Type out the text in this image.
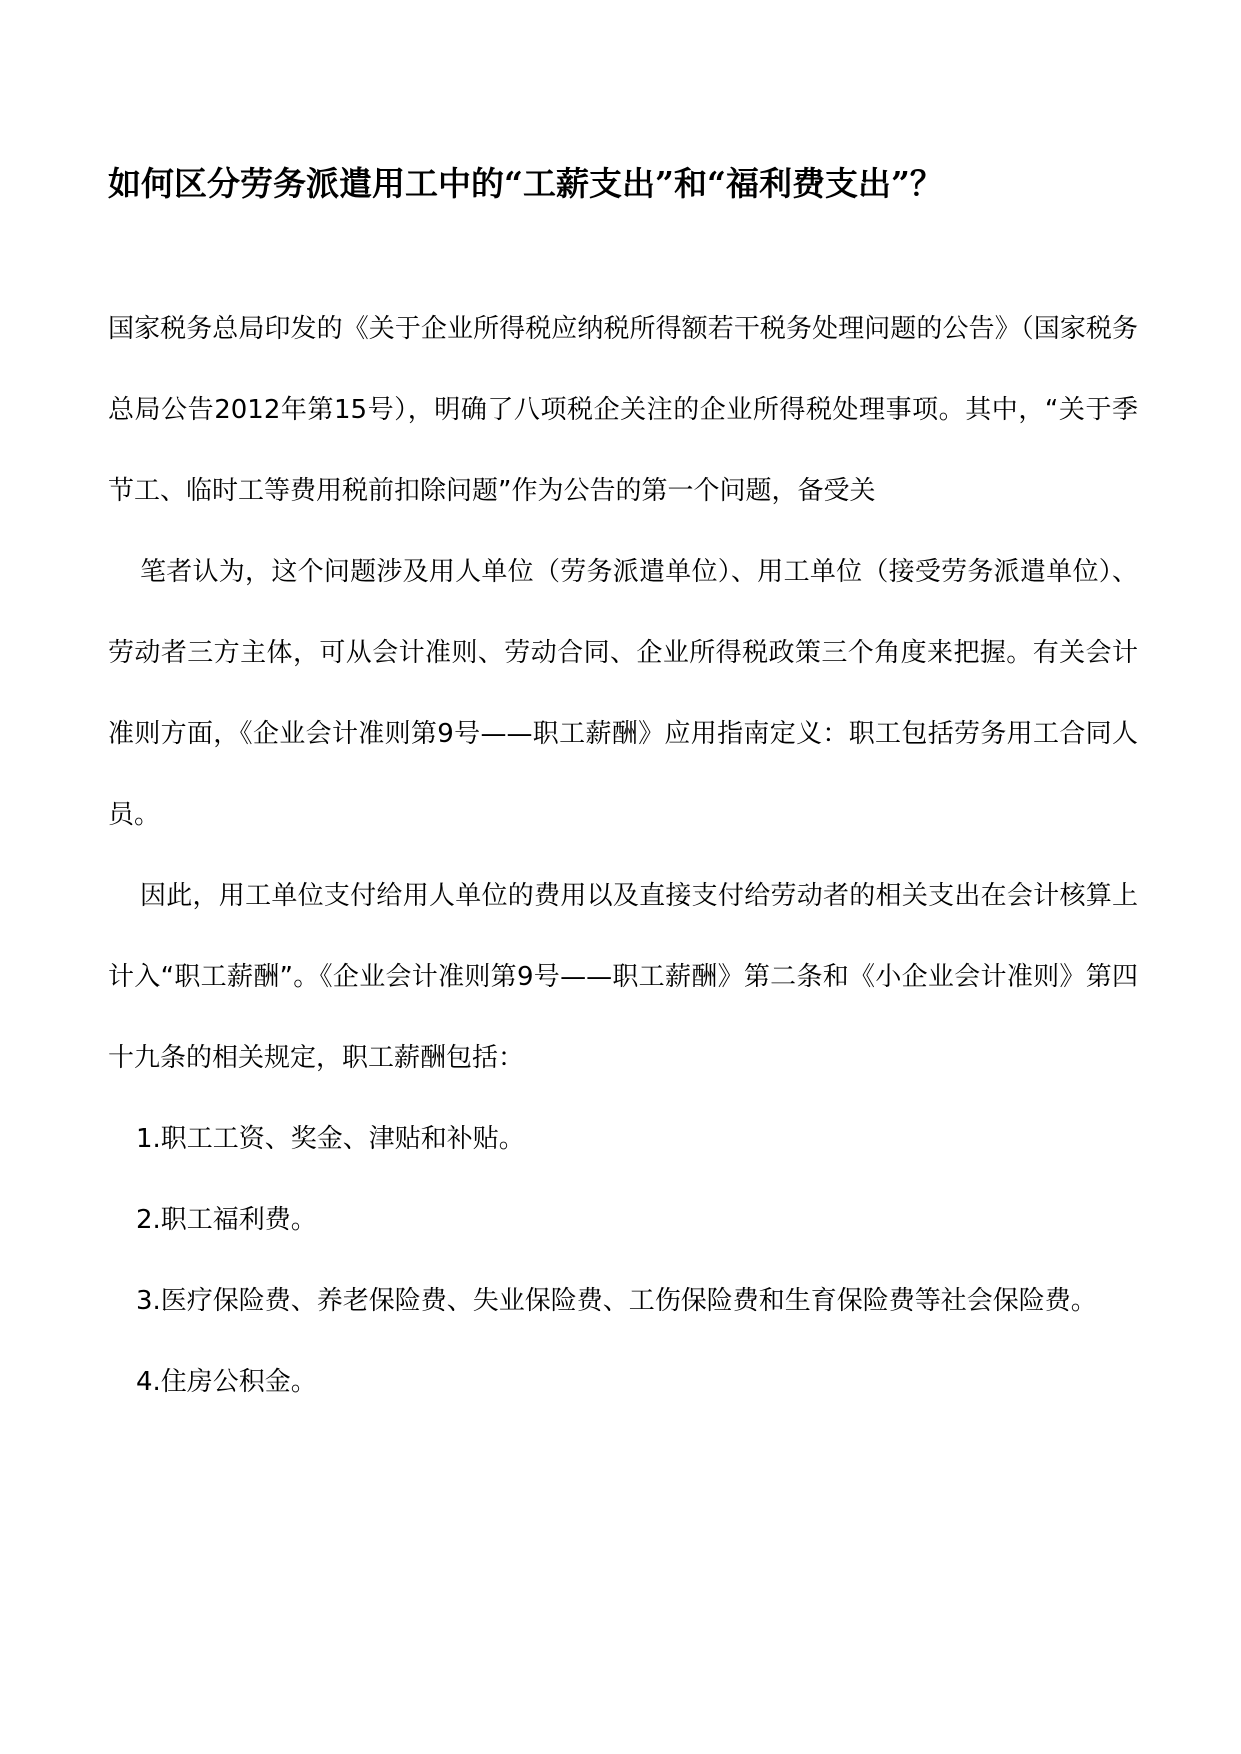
如何区分劳务派遣用工中的“工薪支出”和“福利费支出”？

国家税务总局印发的《关于企业所得税应纳税所得额若干税务处理问题的公告》（国家税务总局公告2012年第15号），明确了八项税企关注的企业所得税处理事项。其中，“关于季节工、临时工等费用税前扣除问题”作为公告的第一个问题，备受关

笔者认为，这个问题涉及用人单位（劳务派遣单位）、用工单位（接受劳务派遣单位）、劳动者三方主体，可从会计准则、劳动合同、企业所得税政策三个角度来把握。有关会计准则方面，《企业会计准则第9号——职工薪酬》应用指南定义：职工包括劳务用工合同人员。

因此，用工单位支付给用人单位的费用以及直接支付给劳动者的相关支出在会计核算上计入“职工薪酬”。《企业会计准则第9号——职工薪酬》第二条和《小企业会计准则》第四十九条的相关规定，职工薪酬包括：

1.职工工资、奖金、津贴和补贴。

2.职工福利费。

3.医疗保险费、养老保险费、失业保险费、工伤保险费和生育保险费等社会保险费。

4.住房公积金。
